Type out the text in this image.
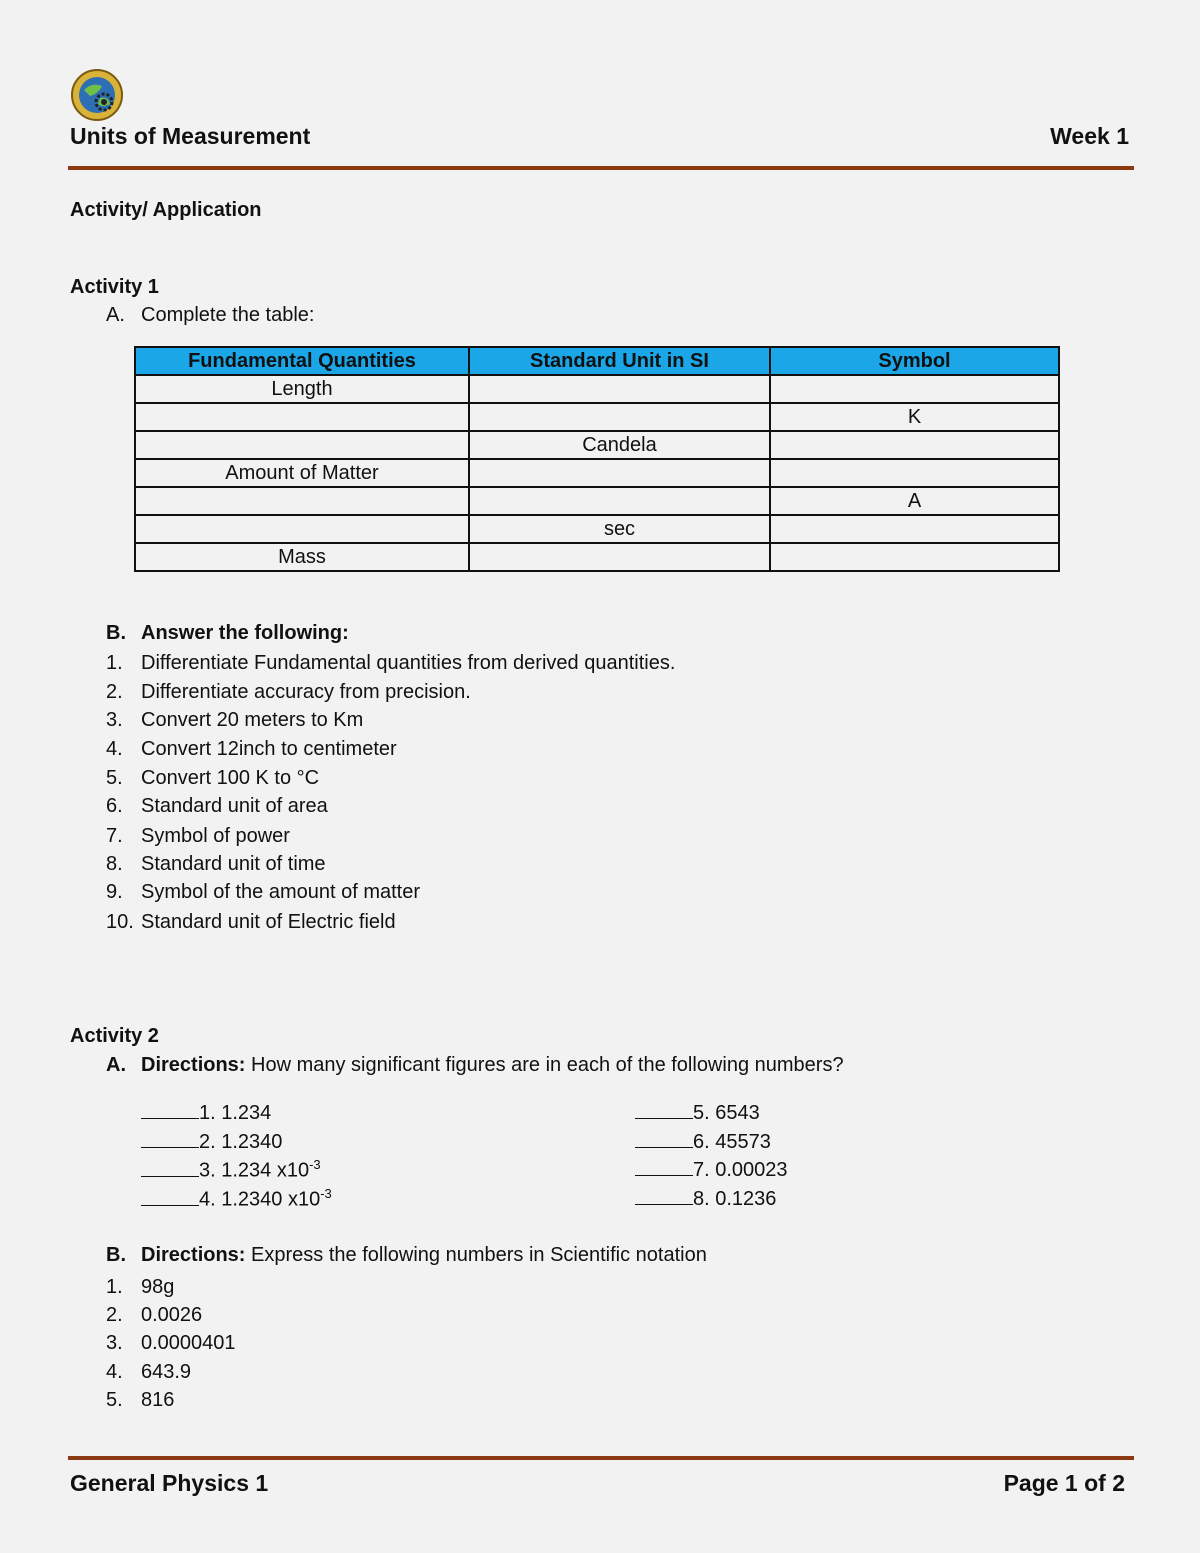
Units of Measurement	Week 1
Activity/ Application
Activity 1
A. Complete the table:
Fundamental Quantities	Standard Unit in SI	Symbol
Length		
		K
	Candela	
Amount of Matter		
		A
	sec	
Mass		
B. Answer the following:
1. Differentiate Fundamental quantities from derived quantities.
2. Differentiate accuracy from precision.
3. Convert 20 meters to Km
4. Convert 12inch to centimeter
5. Convert 100 K to °C
6. Standard unit of area
7. Symbol of power
8. Standard unit of time
9. Symbol of the amount of matter
10. Standard unit of Electric field
Activity 2
A. Directions:
How many significant figures are in each of the following numbers?
1. 1.234
2. 1.2340
3. 1.234 $x10^{-3}$
4. 1.2340 $x10^{-3}$
5. 6543
6. 45573
7. 0.00023
8. 0.1236
B. Directions:
Express the following numbers in Scientific notation
1. 98g
2. 0.0026
3. 0.0000401
4. 643.9
5. 816
General Physics 1	Page 1 of 2
